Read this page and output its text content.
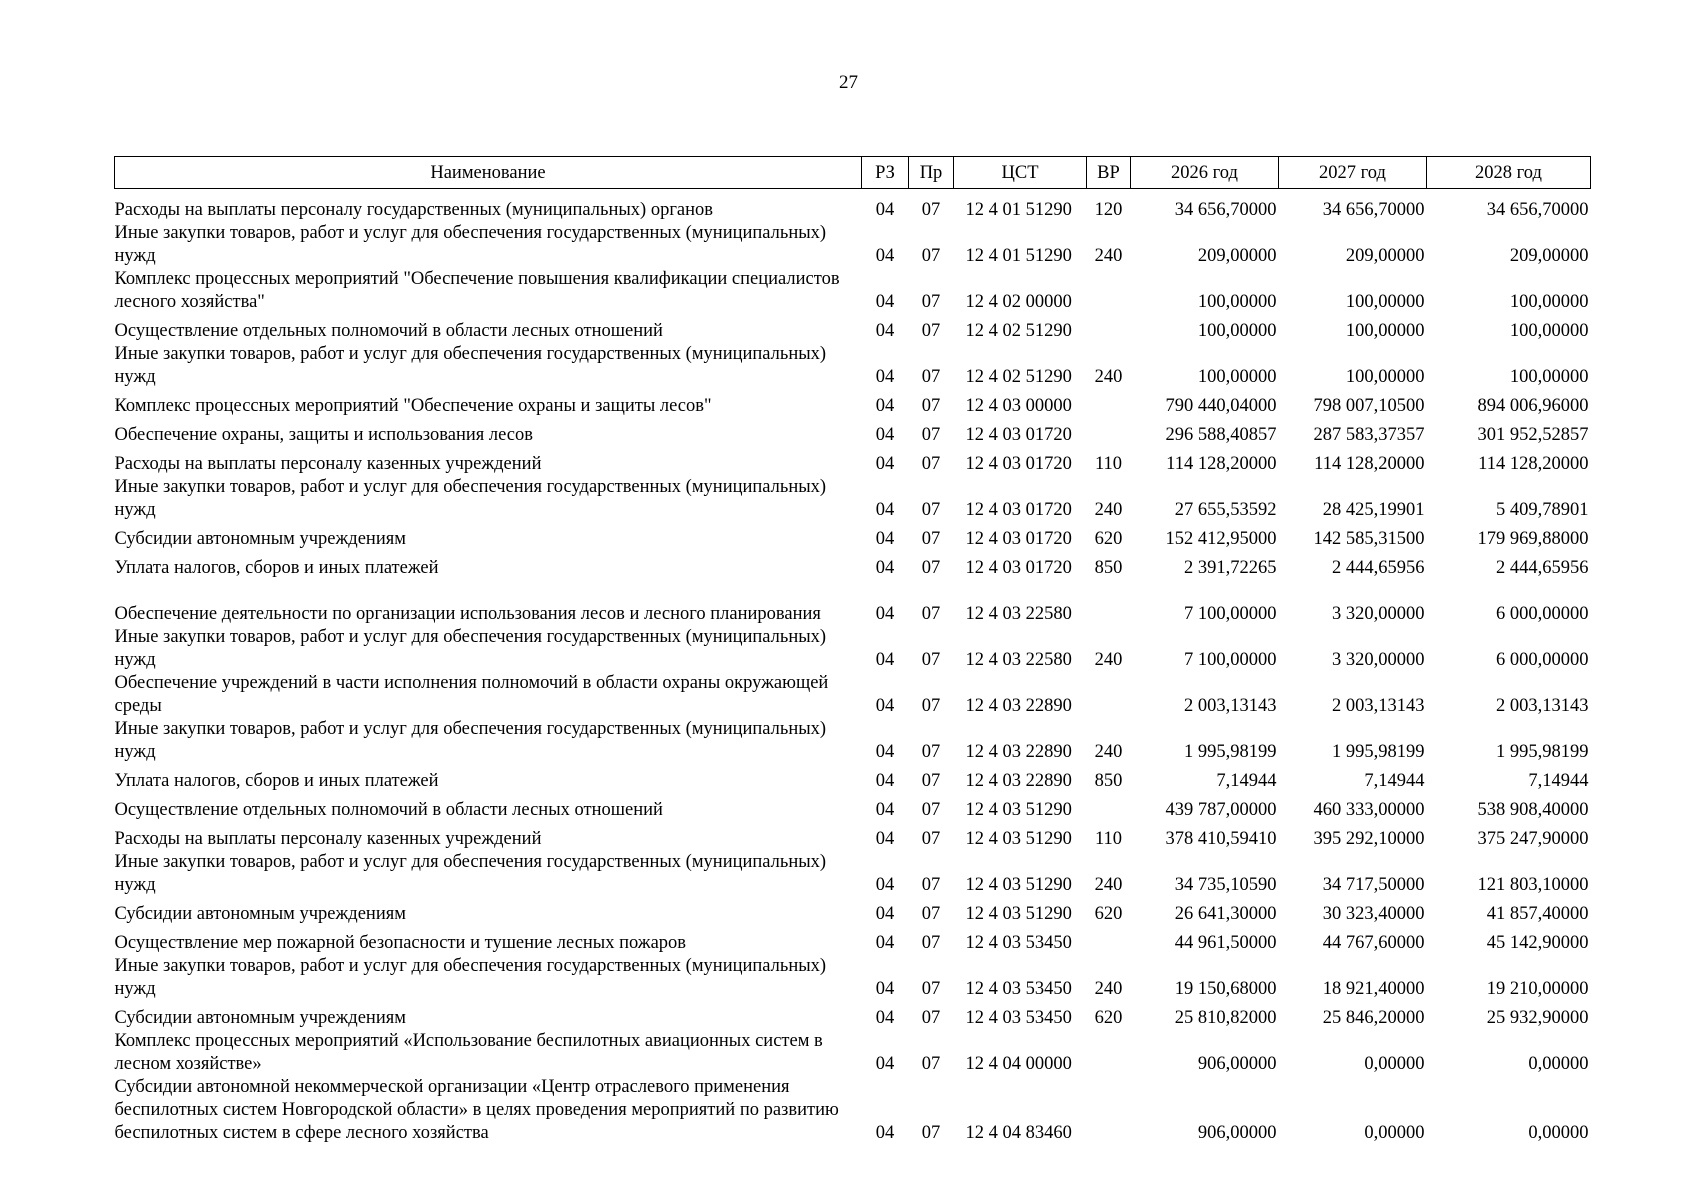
27
Наименование	РЗ	Пр	ЦСТ	ВР	2026 год	2027 год	2028 год
Расходы на выплаты персоналу государственных (муниципальных) органов	04	07	12 4 01 51290	120	34 656,70000	34 656,70000	34 656,70000
Иные закупки товаров, работ и услуг для обеспечения государственных (муниципальных) нужд	04	07	12 4 01 51290	240	209,00000	209,00000	209,00000
Комплекс процессных мероприятий "Обеспечение повышения квалификации специалистов лесного хозяйства"	04	07	12 4 02 00000		100,00000	100,00000	100,00000
Осуществление отдельных полномочий в области лесных отношений	04	07	12 4 02 51290		100,00000	100,00000	100,00000
Иные закупки товаров, работ и услуг для обеспечения государственных (муниципальных) нужд	04	07	12 4 02 51290	240	100,00000	100,00000	100,00000
Комплекс процессных мероприятий "Обеспечение охраны и защиты лесов"	04	07	12 4 03 00000		790 440,04000	798 007,10500	894 006,96000
Обеспечение охраны, защиты и использования лесов	04	07	12 4 03 01720		296 588,40857	287 583,37357	301 952,52857
Расходы на выплаты персоналу казенных учреждений	04	07	12 4 03 01720	110	114 128,20000	114 128,20000	114 128,20000
Иные закупки товаров, работ и услуг для обеспечения государственных (муниципальных) нужд	04	07	12 4 03 01720	240	27 655,53592	28 425,19901	5 409,78901
Субсидии автономным учреждениям	04	07	12 4 03 01720	620	152 412,95000	142 585,31500	179 969,88000
Уплата налогов, сборов и иных платежей	04	07	12 4 03 01720	850	2 391,72265	2 444,65956	2 444,65956
Обеспечение деятельности по организации использования лесов и лесного планирования	04	07	12 4 03 22580		7 100,00000	3 320,00000	6 000,00000
Иные закупки товаров, работ и услуг для обеспечения государственных (муниципальных) нужд	04	07	12 4 03 22580	240	7 100,00000	3 320,00000	6 000,00000
Обеспечение учреждений в части исполнения полномочий в области охраны окружающей среды	04	07	12 4 03 22890		2 003,13143	2 003,13143	2 003,13143
Иные закупки товаров, работ и услуг для обеспечения государственных (муниципальных) нужд	04	07	12 4 03 22890	240	1 995,98199	1 995,98199	1 995,98199
Уплата налогов, сборов и иных платежей	04	07	12 4 03 22890	850	7,14944	7,14944	7,14944
Осуществление отдельных полномочий в области лесных отношений	04	07	12 4 03 51290		439 787,00000	460 333,00000	538 908,40000
Расходы на выплаты персоналу казенных учреждений	04	07	12 4 03 51290	110	378 410,59410	395 292,10000	375 247,90000
Иные закупки товаров, работ и услуг для обеспечения государственных (муниципальных) нужд	04	07	12 4 03 51290	240	34 735,10590	34 717,50000	121 803,10000
Субсидии автономным учреждениям	04	07	12 4 03 51290	620	26 641,30000	30 323,40000	41 857,40000
Осуществление мер пожарной безопасности и тушение лесных пожаров	04	07	12 4 03 53450		44 961,50000	44 767,60000	45 142,90000
Иные закупки товаров, работ и услуг для обеспечения государственных (муниципальных) нужд	04	07	12 4 03 53450	240	19 150,68000	18 921,40000	19 210,00000
Субсидии автономным учреждениям	04	07	12 4 03 53450	620	25 810,82000	25 846,20000	25 932,90000
Комплекс процессных мероприятий «Использование беспилотных авиационных систем в лесном хозяйстве»	04	07	12 4 04 00000		906,00000	0,00000	0,00000
Субсидии автономной некоммерческой организации «Центр отраслевого применения беспилотных систем Новгородской области» в целях проведения мероприятий по развитию беспилотных систем в сфере лесного хозяйства	04	07	12 4 04 83460		906,00000	0,00000	0,00000
